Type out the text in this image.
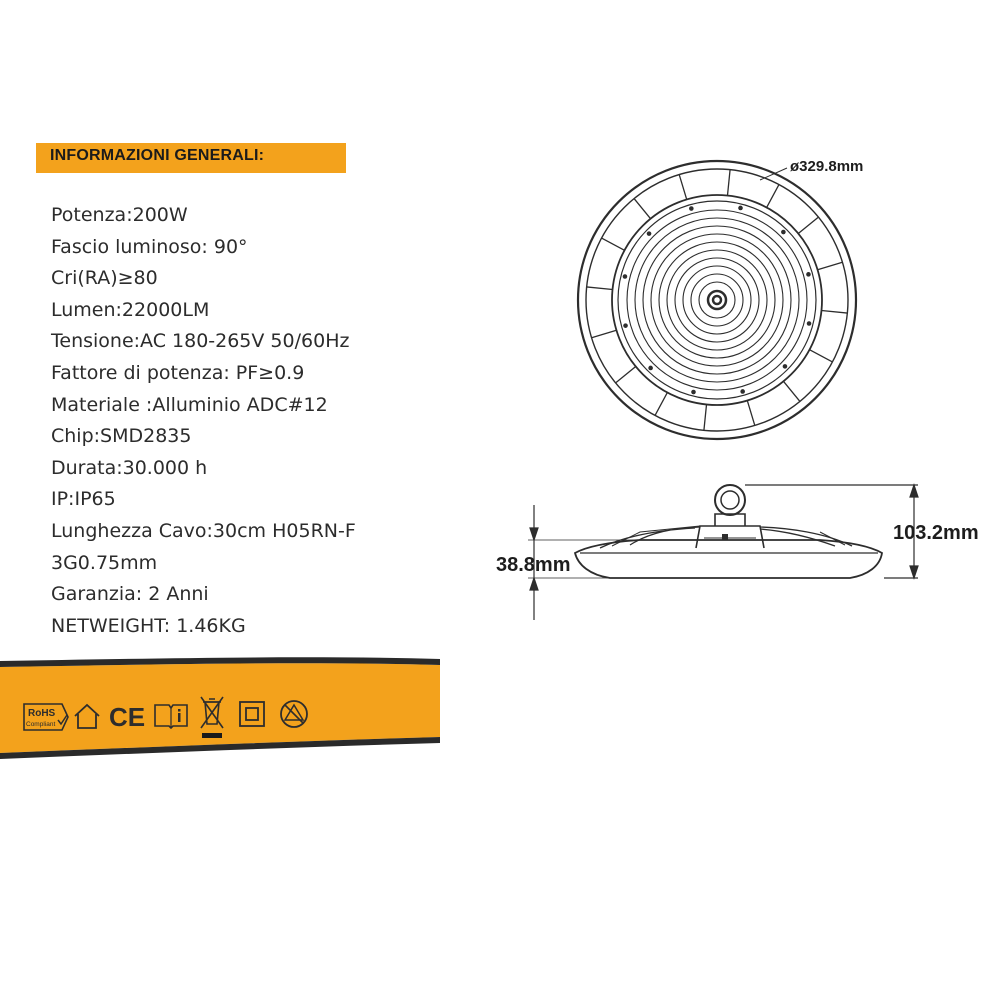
INFORMAZIONI GENERALI:
Potenza:200W
Fascio luminoso: 90°
Cri(RA)≥80
Lumen:22000LM
Tensione:AC 180-265V 50/60Hz
Fattore di potenza: PF≥0.9
Materiale :Alluminio ADC#12
Chip:SMD2835
Durata:30.000 h
IP:IP65
Lunghezza Cavo:30cm H05RN-F
3G0.75mm
Garanzia: 2 Anni
NETWEIGHT: 1.46KG
RoHS
Compliant CE
ø329.8mm
103.2mm
38.8mm
